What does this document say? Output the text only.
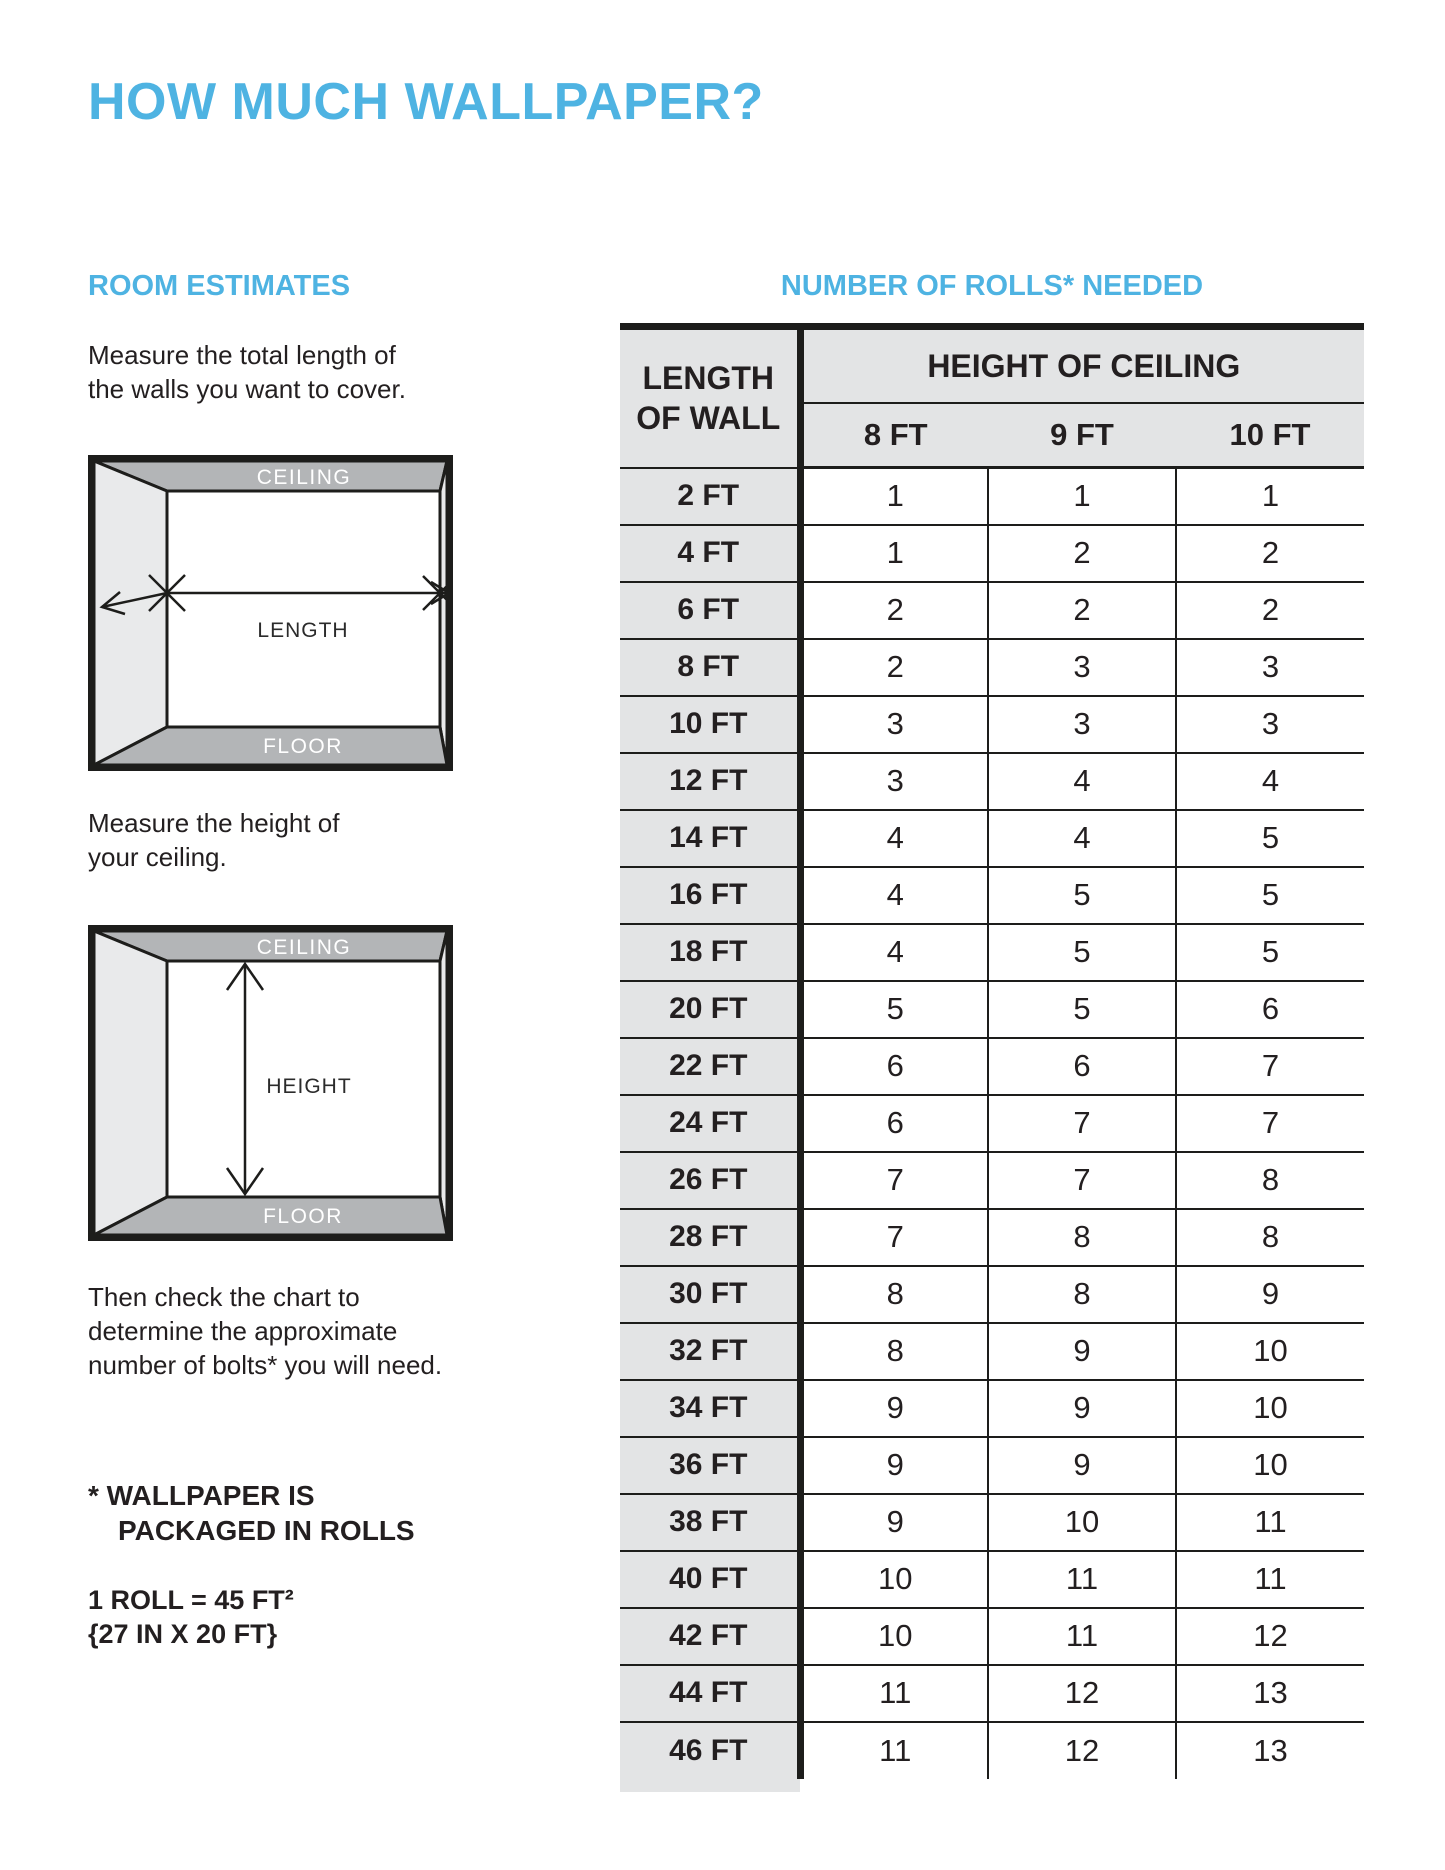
HOW MUCH WALLPAPER?
ROOM ESTIMATES

Measure the total length of
the walls you want to cover.

CEILING
LENGTH
FLOOR

Measure the height of
your ceiling.

CEILING
HEIGHT
FLOOR

Then check the chart to
determine the approximate
number of bolts* you will need.

* WALLPAPER IS
PACKAGED IN ROLLS

1 ROLL = 45 FT²
{27 IN X 20 FT}

NUMBER OF ROLLS* NEEDED
LENGTH
OF WALL	HEIGHT OF CEILING		
	8 FT	9 FT	10 FT
2 FT	1	1	1
4 FT	1	2	2
6 FT	2	2	2
8 FT	2	3	3
10 FT	3	3	3
12 FT	3	4	4
14 FT	4	4	5
16 FT	4	5	5
18 FT	4	5	5
20 FT	5	5	6
22 FT	6	6	7
24 FT	6	7	7
26 FT	7	7	8
28 FT	7	8	8
30 FT	8	8	9
32 FT	8	9	10
34 FT	9	9	10
36 FT	9	9	10
38 FT	9	10	11
40 FT	10	11	11
42 FT	10	11	12
44 FT	11	12	13
46 FT	11	12	13
